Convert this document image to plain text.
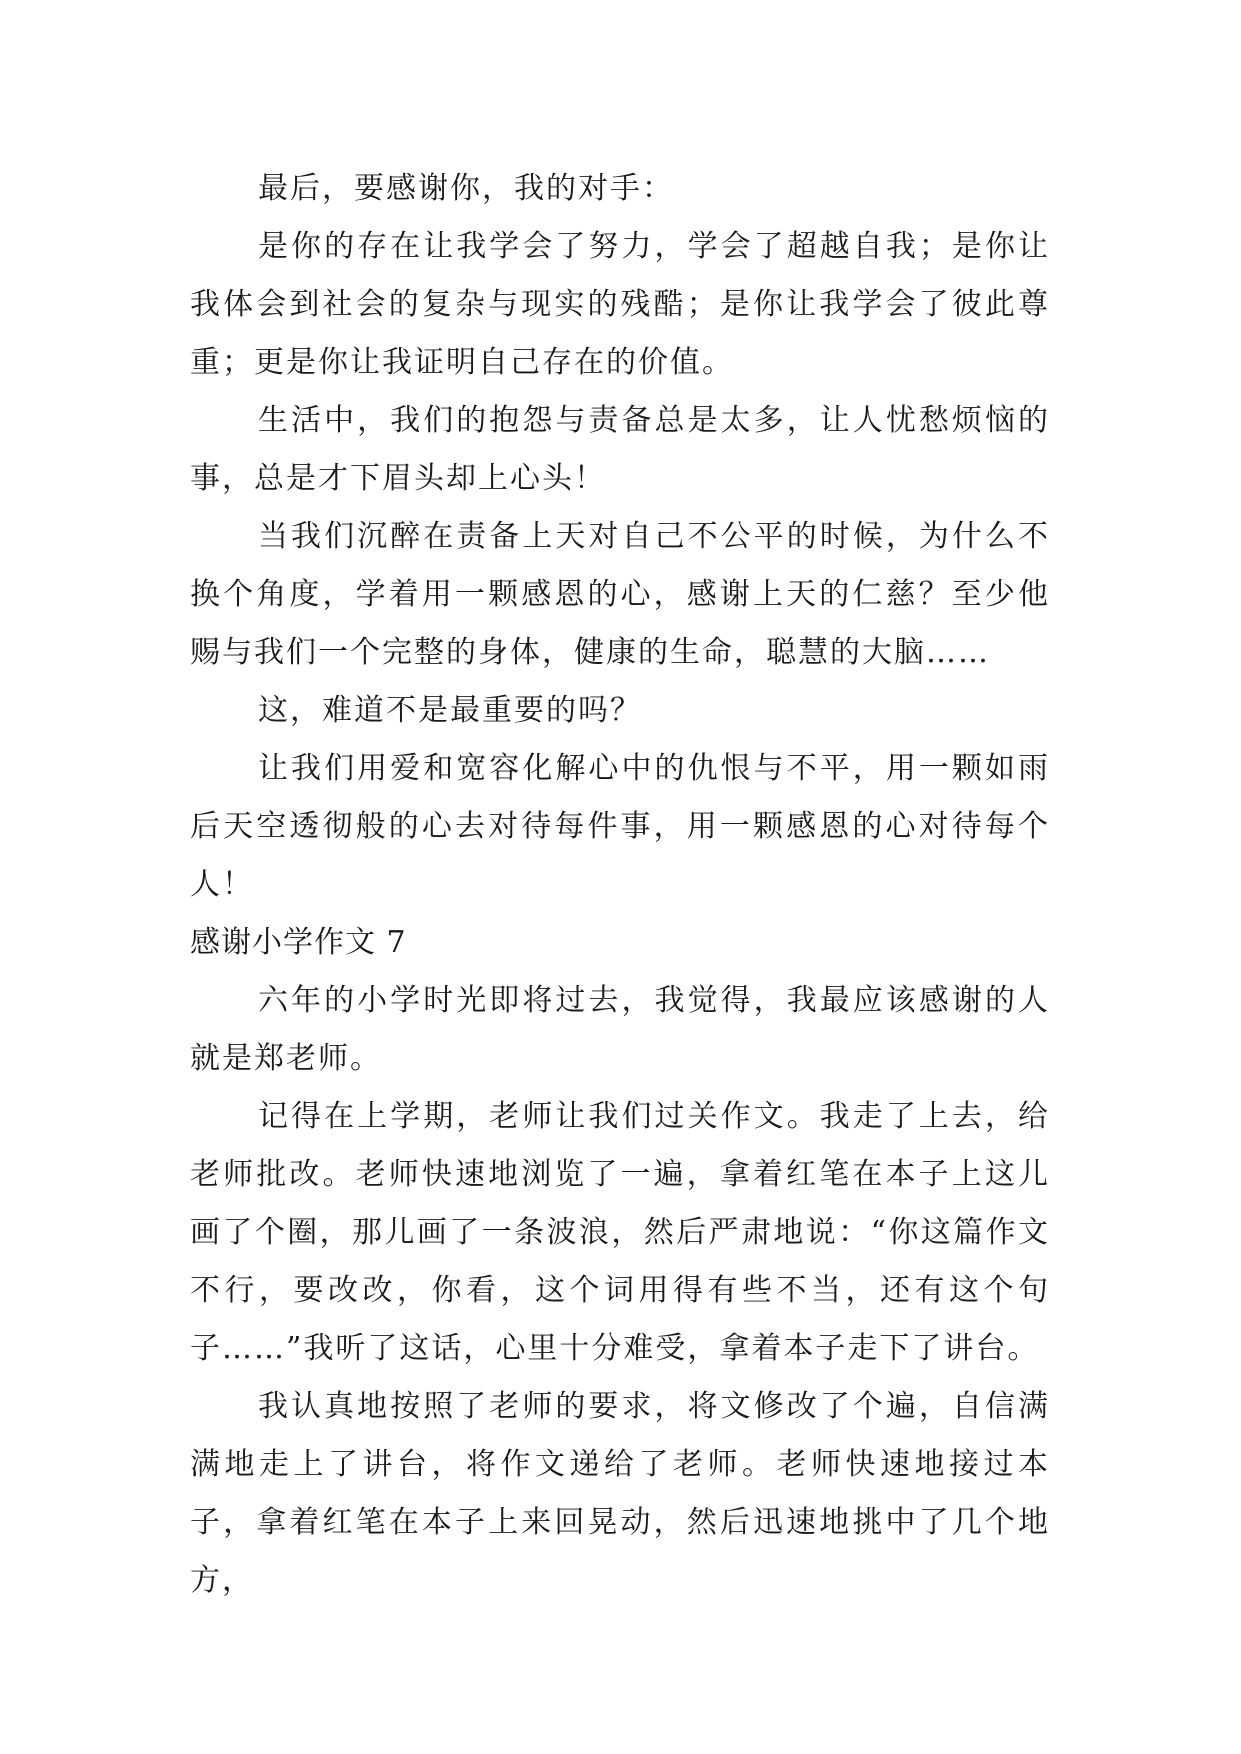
最后，要感谢你，我的对手：

是你的存在让我学会了努力，学会了超越自我；是你让我体会到社会的复杂与现实的残酷；是你让我学会了彼此尊重；更是你让我证明自己存在的价值。

生活中，我们的抱怨与责备总是太多，让人忧愁烦恼的事，总是才下眉头却上心头！

当我们沉醉在责备上天对自己不公平的时候，为什么不换个角度，学着用一颗感恩的心，感谢上天的仁慈？至少他赐与我们一个完整的身体，健康的生命，聪慧的大脑……

这，难道不是最重要的吗？

让我们用爱和宽容化解心中的仇恨与不平，用一颗如雨后天空透彻般的心去对待每件事，用一颗感恩的心对待每个人！

感谢小学作文 7

六年的小学时光即将过去，我觉得，我最应该感谢的人就是郑老师。

记得在上学期，老师让我们过关作文。我走了上去，给老师批改。老师快速地浏览了一遍，拿着红笔在本子上这儿画了个圈，那儿画了一条波浪，然后严肃地说：“你这篇作文不行，要改改，你看，这个词用得有些不当，还有这个句子……”我听了这话，心里十分难受，拿着本子走下了讲台。

我认真地按照了老师的要求，将文修改了个遍，自信满满地走上了讲台，将作文递给了老师。老师快速地接过本子，拿着红笔在本子上来回晃动，然后迅速地挑中了几个地方，
